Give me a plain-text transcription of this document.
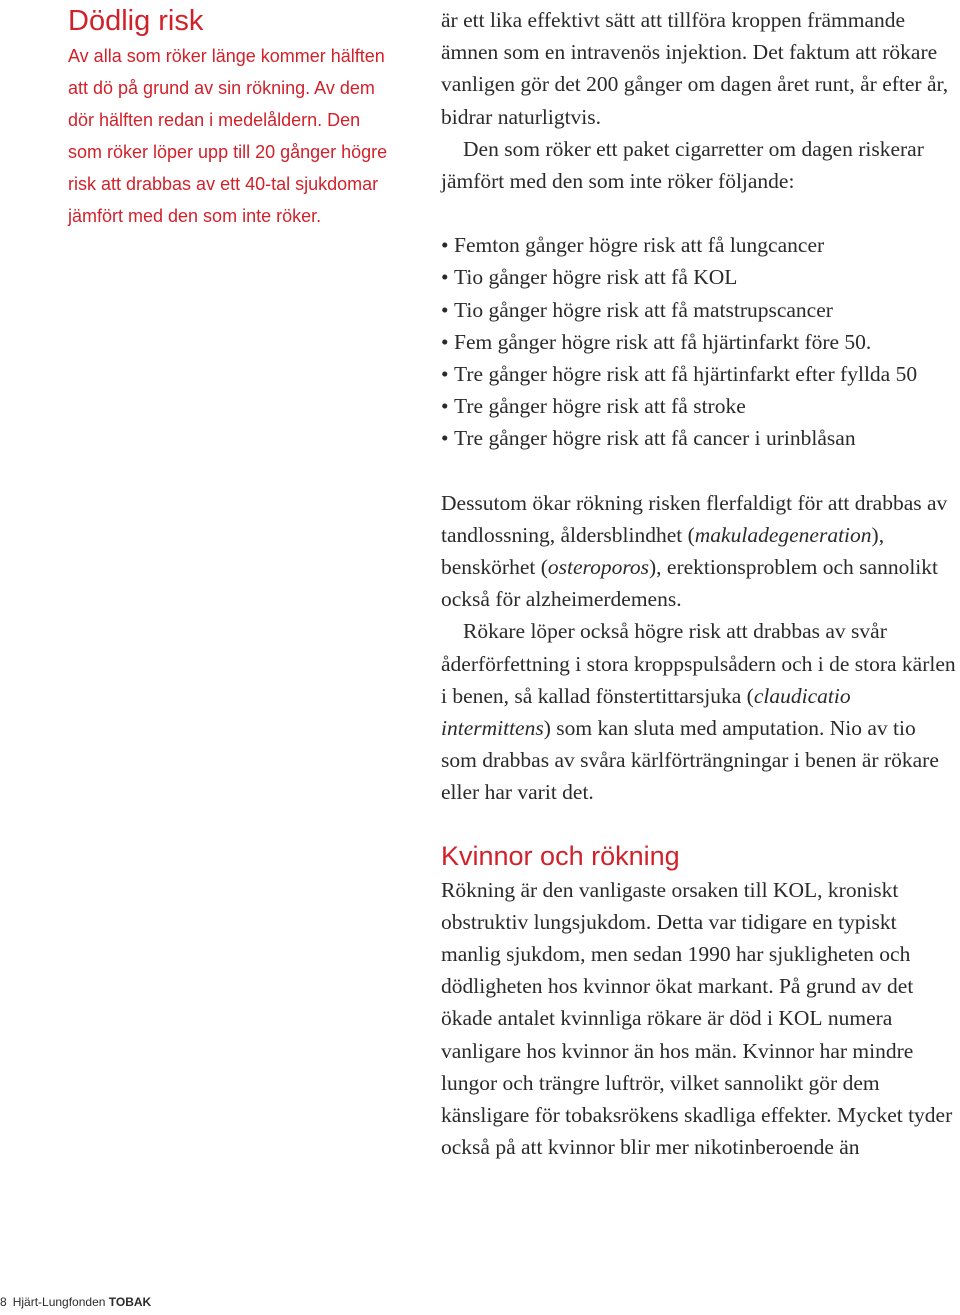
Dödlig risk

Av alla som röker länge kommer hälften att dö på grund av sin rökning. Av dem dör hälften redan i medelåldern. Den som röker löper upp till 20 gånger högre risk att drabbas av ett 40-tal sjukdomar jämfört med den som inte röker.

är ett lika effektivt sätt att tillföra kroppen främmande ämnen som en intravenös injektion. Det faktum att rökare vanligen gör det 200 gånger om dagen året runt, år efter år, bidrar naturligtvis.

Den som röker ett paket cigarretter om dagen riskerar jämfört med den som inte röker följande:

• Femton gånger högre risk att få lungcancer
• Tio gånger högre risk att få KOL
• Tio gånger högre risk att få matstrupscancer
• Fem gånger högre risk att få hjärtinfarkt före 50.
• Tre gånger högre risk att få hjärtinfarkt efter fyllda 50
• Tre gånger högre risk att få stroke
• Tre gånger högre risk att få cancer i urinblåsan

Dessutom ökar rökning risken flerfaldigt för att drabbas av tandlossning, åldersblindhet (makuladegeneration), benskörhet (osteroporos), erektionsproblem och sannolikt också för alzheimerdemens.

Rökare löper också högre risk att drabbas av svår åderförfettning i stora kroppspulsådern och i de stora kärlen i benen, så kallad fönstertittarsjuka (claudicatio intermittens) som kan sluta med amputation. Nio av tio som drabbas av svåra kärlförträngningar i benen är rökare eller har varit det.

Kvinnor och rökning

Rökning är den vanligaste orsaken till KOL, kroniskt obstruktiv lungsjukdom. Detta var tidigare en typiskt manlig sjukdom, men sedan 1990 har sjukligheten och dödligheten hos kvinnor ökat markant. På grund av det ökade antalet kvinnliga rökare är död i KOL numera vanligare hos kvinnor än hos män. Kvinnor har mindre lungor och trängre luftrör, vilket sannolikt gör dem känsligare för tobaksrökens skadliga effekter. Mycket tyder också på att kvinnor blir mer nikotinberoende än

8 Hjärt-Lungfonden TOBAK
